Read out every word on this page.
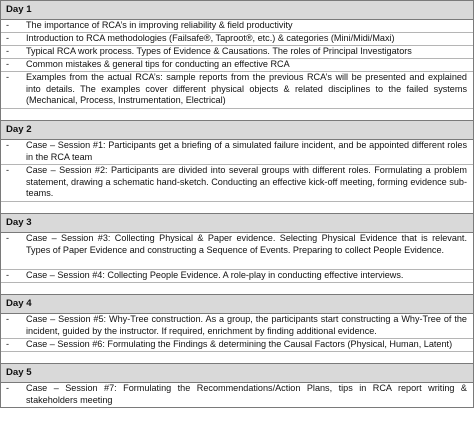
Day 1
-	The importance of RCA’s in improving reliability & field productivity
-	Introduction to RCA methodologies (Failsafe®, Taproot®, etc.) & categories (Mini/Midi/Maxi)
-	Typical RCA work process. Types of Evidence & Causations. The roles of Principal Investigators
-	Common mistakes & general tips for conducting an effective RCA
-	Examples from the actual RCA’s: sample reports from the previous RCA’s will be presented and explained into details. The examples cover different physical objects & related disciplines to the failed systems (Mechanical, Process, Instrumentation, Electrical)
Day 2
-	Case – Session #1: Participants get a briefing of a simulated failure incident, and be appointed different roles in the RCA team
-	Case – Session #2: Participants are divided into several groups with different roles. Formulating a problem statement, drawing a schematic hand-sketch. Conducting an effective kick-off meeting, forming evidence sub-teams.
Day 3
-	Case – Session #3: Collecting Physical & Paper evidence. Selecting Physical Evidence that is relevant. Types of Paper Evidence and constructing a Sequence of Events. Preparing to collect People Evidence.
-	Case – Session #4: Collecting People Evidence. A role-play in conducting effective interviews.
Day 4
-	Case – Session #5: Why-Tree construction. As a group, the participants start constructing a Why-Tree of the incident, guided by the instructor. If required, enrichment by finding additional evidence.
-	Case – Session #6: Formulating the Findings & determining the Causal Factors (Physical, Human, Latent)
Day 5
-	Case – Session #7: Formulating the Recommendations/Action Plans, tips in RCA report writing & stakeholders meeting
